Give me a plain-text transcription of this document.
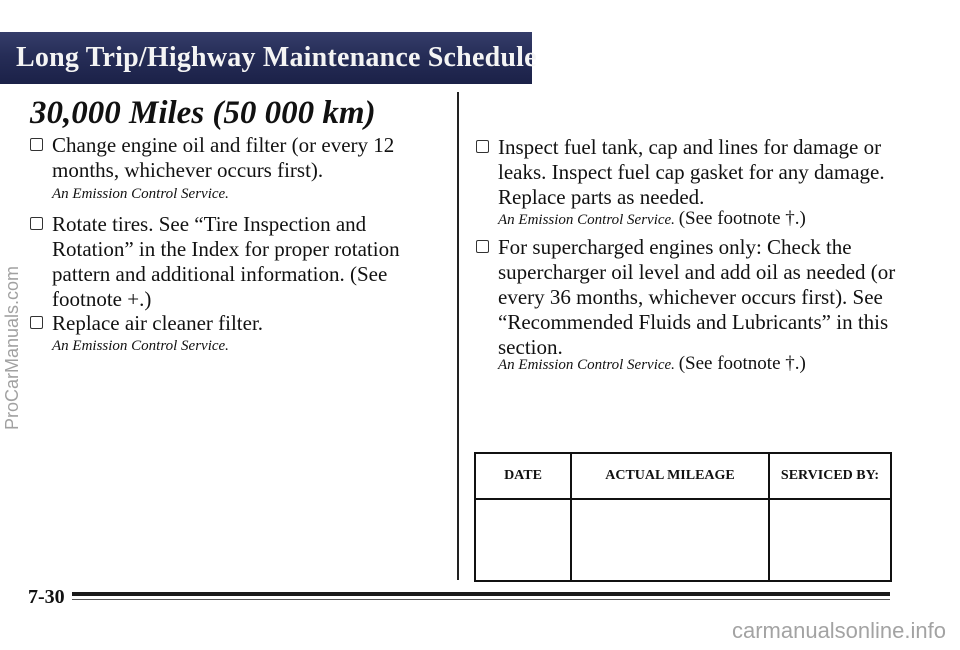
Long Trip/Highway Maintenance Schedule
30,000 Miles (50 000 km)
Change engine oil and filter (or every 12 months, whichever occurs first).
An Emission Control Service.
Rotate tires. See “Tire Inspection and Rotation” in the Index for proper rotation pattern and additional information. (See footnote +.)
Replace air cleaner filter.
An Emission Control Service.
Inspect fuel tank, cap and lines for damage or leaks. Inspect fuel cap gasket for any damage. Replace parts as needed.
An Emission Control Service. (See footnote †.)
For supercharged engines only: Check the supercharger oil level and add oil as needed (or every 36 months, whichever occurs first). See “Recommended Fluids and Lubricants” in this section.
An Emission Control Service. (See footnote †.)
DATE	ACTUAL MILEAGE	SERVICED BY:
7-30
ProCarManuals.com
carmanualsonline.info
